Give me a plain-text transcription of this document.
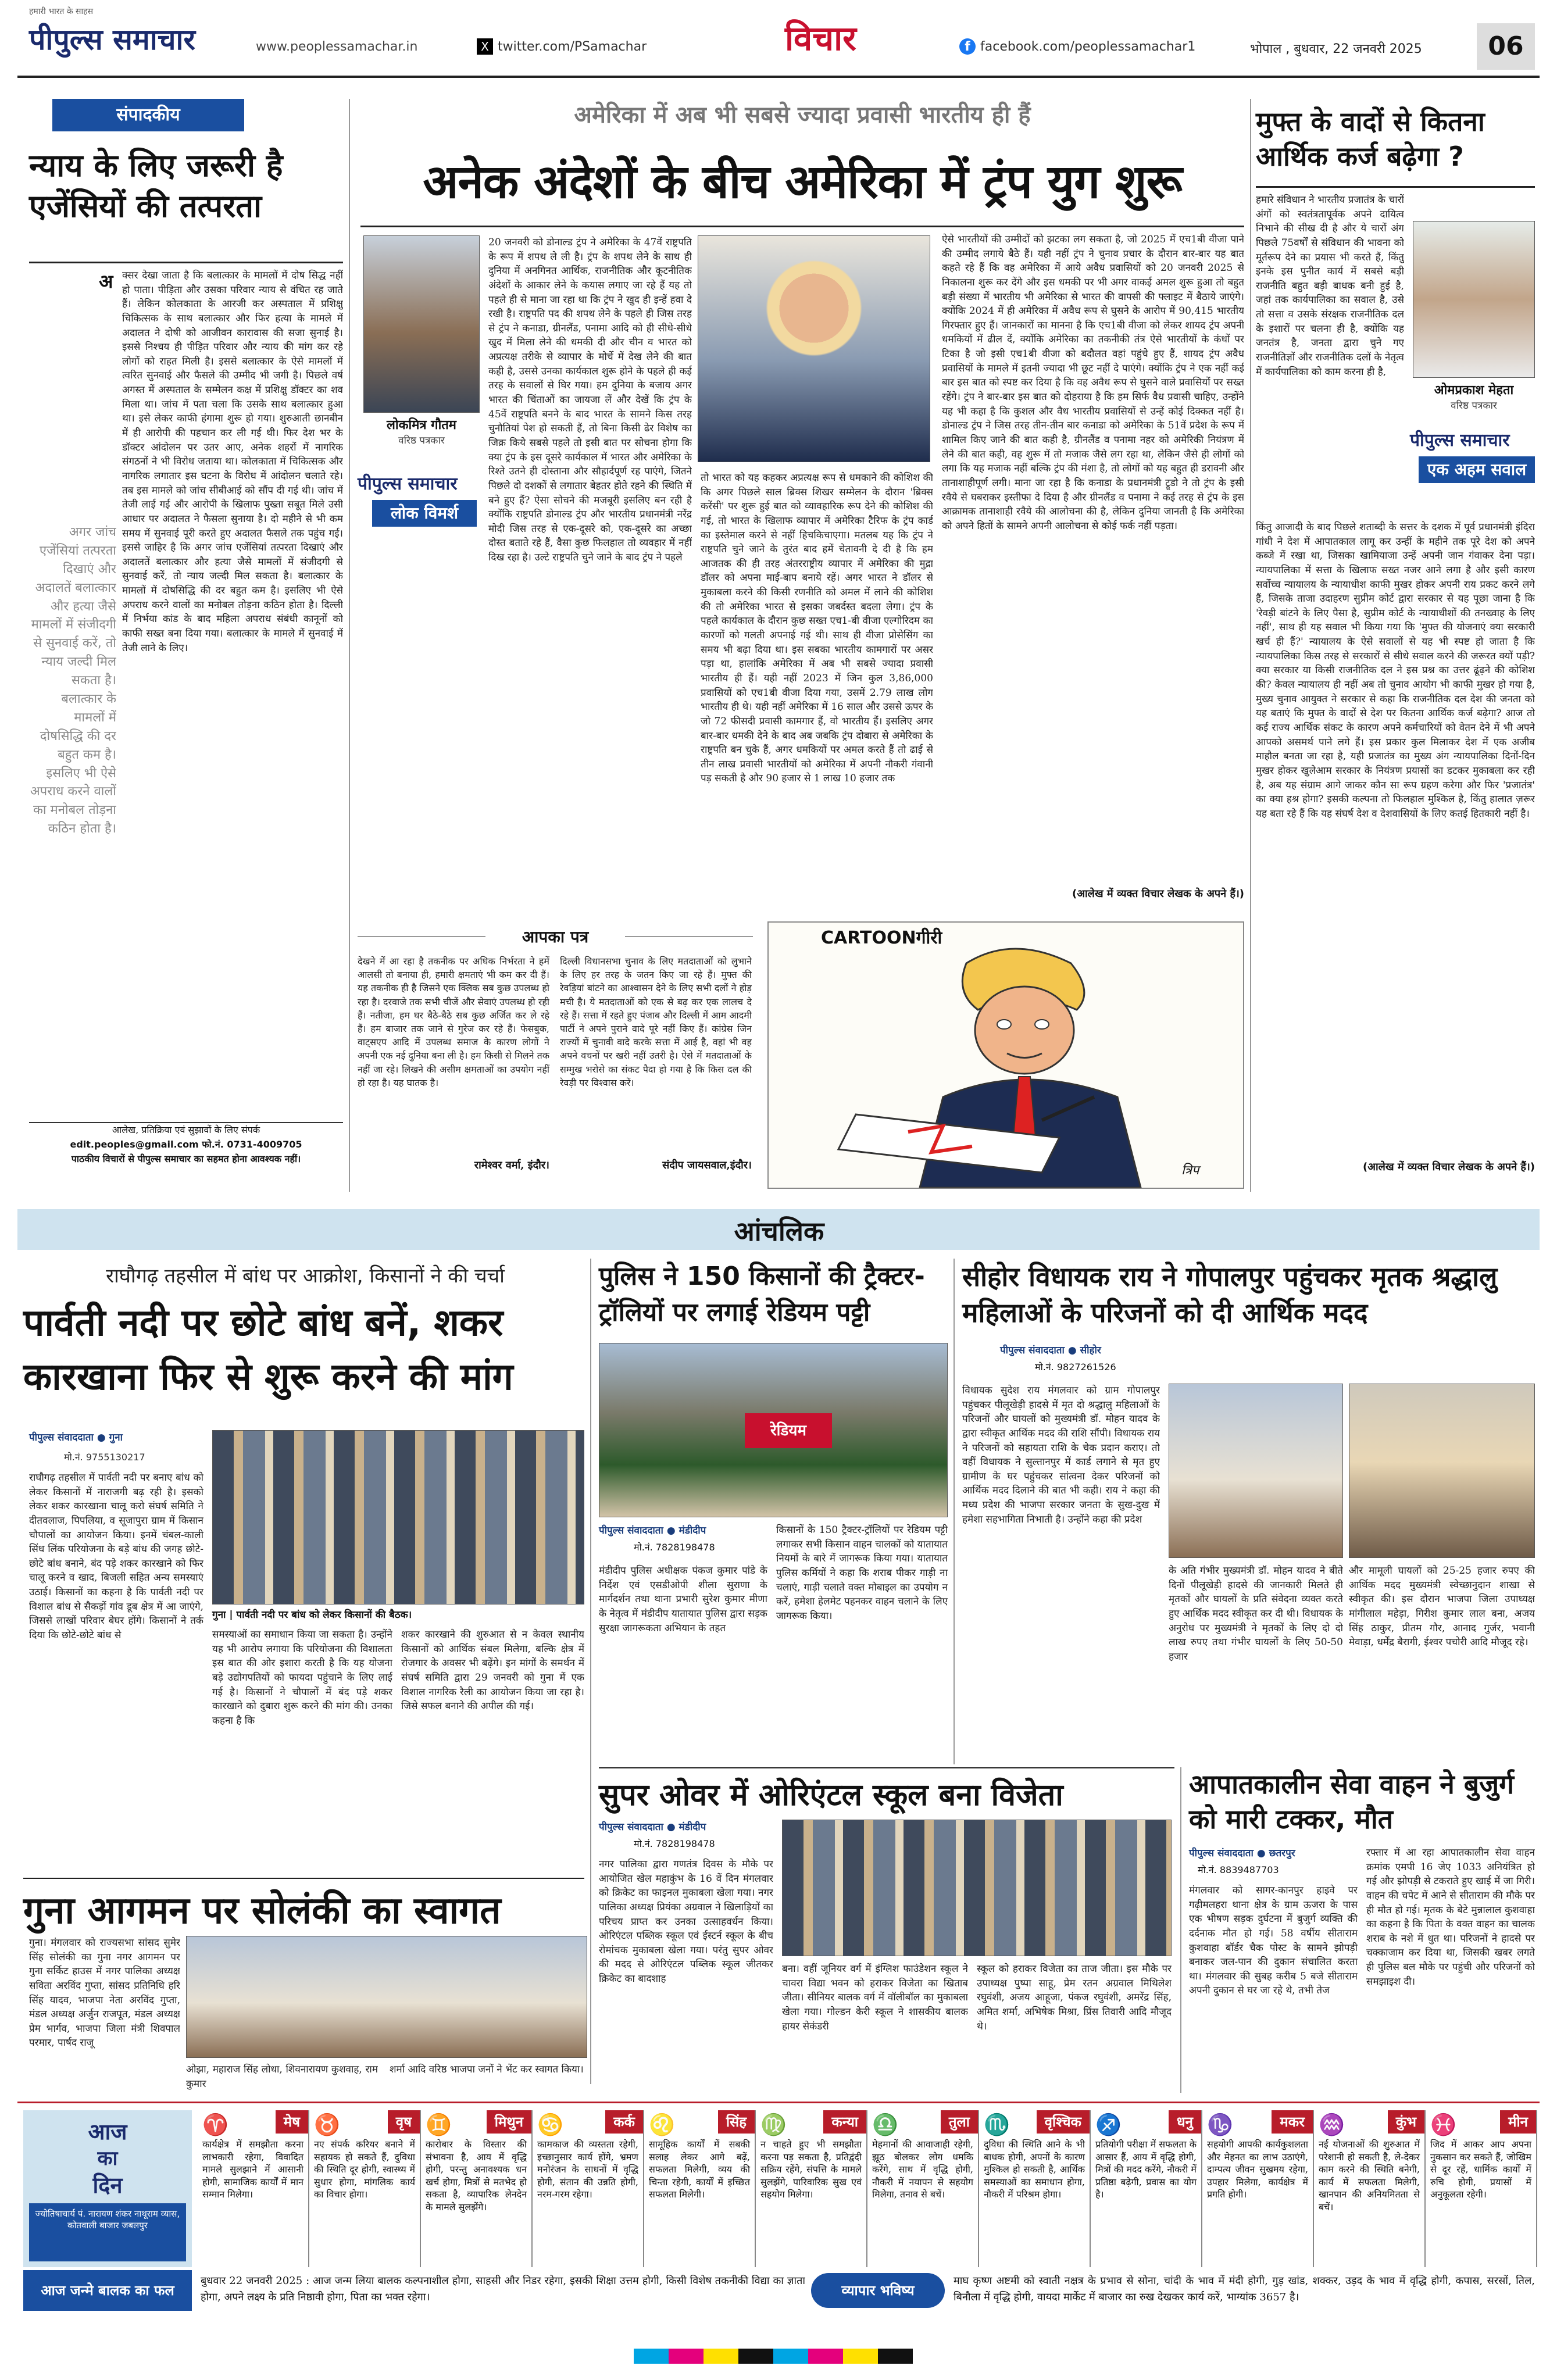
हमारी भारत के साहस
पीपुल्स समाचार	www.peoplessamachar.in	X twitter.com/PSamachar	विचार	f facebook.com/peoplessamachar1	भोपाल , बुधवार, 22 जनवरी 2025	06
संपादकीय
न्याय के लिए जरूरी है एजेंसियों की तत्परता
अ क्सर देखा जाता है कि बलात्कार के मामलों में दोष सिद्ध नहीं हो पाता। पीड़िता और उसका परिवार न्याय से वंचित रह जाते हैं। लेकिन कोलकाता के आरजी कर अस्पताल में प्रशिक्षु चिकित्सक के साथ बलात्कार और फिर हत्या के मामले में अदालत ने दोषी को आजीवन कारावास की सजा सुनाई है। इससे निश्चय ही पीड़ित परिवार और न्याय की मांग कर रहे लोगों को राहत मिली है। इससे बलात्कार के ऐसे मामलों में त्वरित सुनवाई और फैसले की उम्मीद भी जगी है। पिछले वर्ष अगस्त में अस्पताल के सम्मेलन कक्ष में प्रशिक्षु डॉक्टर का शव मिला था। जांच में पता चला कि उसके साथ बलात्कार हुआ था। इसे लेकर काफी हंगामा शुरू हो गया। शुरुआती छानबीन में ही आरोपी की पहचान कर ली गई थी। फिर देश भर के डॉक्टर आंदोलन पर उतर आए, अनेक शहरों में नागरिक संगठनों ने भी विरोध जताया था। कोलकाता में चिकित्सक और नागरिक लगातार इस घटना के विरोध में आंदोलन चलाते रहे। तब इस मामले को जांच सीबीआई को सौंप दी गई थी। जांच में तेजी लाई गई और आरोपी के खिलाफ पुख्ता सबूत मिले उसी आधार पर अदालत ने फैसला सुनाया है। दो महीने से भी कम समय में सुनवाई पूरी करते हुए अदालत फैसले तक पहुंच गई। इससे जाहिर है कि अगर जांच एजेंसियां तत्परता दिखाएं और अदालतें बलात्कार और हत्या जैसे मामलों में संजीदगी से सुनवाई करें, तो न्याय जल्दी मिल सकता है। बलात्कार के मामलों में दोषसिद्धि की दर बहुत कम है। इसलिए भी ऐसे अपराध करने वालों का मनोबल तोड़ना कठिन होता है। दिल्ली में निर्भया कांड के बाद महिला अपराध संबंधी कानूनों को काफी सख्त बना दिया गया। बलात्कार के मामले में सुनवाई में तेजी लाने के लिए।
अगर जांच एजेंसियां तत्परता दिखाएं और अदालतें बलात्कार और हत्या जैसे मामलों में संजीदगी से सुनवाई करें, तो न्याय जल्दी मिल सकता है। बलात्कार के मामलों में दोषसिद्धि की दर बहुत कम है। इसलिए भी ऐसे अपराध करने वालों का मनोबल तोड़ना कठिन होता है।
आलेख, प्रतिक्रिया एवं सुझावों के लिए संपर्क
edit.peoples@gmail.com फो.नं. 0731-4009705
पाठकीय विचारों से पीपुल्स समाचार का सहमत होना आवश्यक नहीं।
अमेरिका में अब भी सबसे ज्यादा प्रवासी भारतीय ही हैं
अनेक अंदेशों के बीच अमेरिका में ट्रंप युग शुरू
लोकमित्र गौतम
वरिष्ठ पत्रकार
पीपुल्स समाचार
लोक विमर्श
20 जनवरी को डोनाल्ड ट्रंप ने अमेरिका के 47वें राष्ट्रपति के रूप में शपथ ले ली है। ट्रंप के शपथ लेने के साथ ही दुनिया में अनगिनत आर्थिक, राजनीतिक और कूटनीतिक अंदेशों के आकार लेने के कयास लगाए जा रहे हैं यह तो पहले ही से माना जा रहा था कि ट्रंप ने खुद ही इन्हें हवा दे रखी है। राष्ट्रपति पद की शपथ लेने के पहले ही जिस तरह से ट्रंप ने कनाडा, ग्रीनलैंड, पनामा आदि को ही सीधे-सीधे खुद में मिला लेने की धमकी दी और चीन व भारत को अप्रत्यक्ष तरीके से व्यापार के मोर्चे में देख लेने की बात कही है, उससे उनका कार्यकाल शुरू होने के पहले ही कई तरह के सवालों से घिर गया। हम दुनिया के बजाय अगर भारत की चिंताओं का जायजा लें और देखें कि ट्रंप के 45वें राष्ट्रपति बनने के बाद भारत के सामने किस तरह चुनौतियां पेश हो सकती हैं, तो बिना किसी ढेर विशेष का जिक्र किये सबसे पहले तो इसी बात पर सोचना होगा कि क्या ट्रंप के इस दूसरे कार्यकाल में भारत और अमेरिका के रिश्ते उतने ही दोस्ताना और सौहार्दपूर्ण रह पाएंगे, जितने पिछले दो दशकों से लगातार बेहतर होते रहने की स्थिति में बने हुए हैं? ऐसा सोचने की मजबूरी इसलिए बन रही है क्योंकि राष्ट्रपति डोनाल्ड ट्रंप और भारतीय प्रधानमंत्री नरेंद्र मोदी जिस तरह से एक-दूसरे को, एक-दूसरे का अच्छा दोस्त बताते रहे हैं, वैसा कुछ फिलहाल तो व्यवहार में नहीं दिख रहा है। उल्टे राष्ट्रपति चुने जाने के बाद ट्रंप ने पहले
तो भारत को यह कहकर अप्रत्यक्ष रूप से धमकाने की कोशिश की कि अगर पिछले साल ब्रिक्स शिखर सम्मेलन के दौरान 'ब्रिक्स करेंसी' पर शुरू हुई बात को व्यावहारिक रूप देने की कोशिश की गई, तो भारत के खिलाफ व्यापार में अमेरिका टैरिफ के ट्रंप कार्ड का इस्तेमाल करने से नहीं हिचकिचाएगा। मतलब यह कि ट्रंप ने राष्ट्रपति चुने जाने के तुरंत बाद हमें चेतावनी दे दी है कि हम आजतक की ही तरह अंतरराष्ट्रीय व्यापार में अमेरिका की मुद्रा डॉलर को अपना माई-बाप बनाये रहें। अगर भारत ने डॉलर से मुकाबला करने की किसी रणनीति को अमल में लाने की कोशिश की तो अमेरिका भारत से इसका जबर्दस्त बदला लेगा। ट्रंप के पहले कार्यकाल के दौरान कुछ सख्त एच1-बी वीजा एल्गोरिदम का कारणों को गलती अपनाई गई थी। साथ ही वीजा प्रोसेसिंग का समय भी बढ़ा दिया था। इस सबका भारतीय कामगारों पर असर पड़ा था, हालांकि अमेरिका में अब भी सबसे ज्यादा प्रवासी भारतीय ही हैं। यही नहीं 2023 में जिन कुल 3,86,000 प्रवासियों को एच1बी वीजा दिया गया, उसमें 2.79 लाख लोग भारतीय ही थे। यही नहीं अमेरिका में 16 साल और उससे ऊपर के जो 72 फीसदी प्रवासी कामगार हैं, वो भारतीय हैं। इसलिए अगर बार-बार धमकी देने के बाद अब जबकि ट्रंप दोबारा से अमेरिका के राष्ट्रपति बन चुके हैं, अगर धमकियों पर अमल करते हैं तो ढाई से तीन लाख प्रवासी भारतीयों को अमेरिका में अपनी नौकरी गंवानी पड़ सकती है और 90 हजार से 1 लाख 10 हजार तक
ऐसे भारतीयों की उम्मीदों को झटका लग सकता है, जो 2025 में एच1बी वीजा पाने की उम्मीद लगाये बैठे हैं। यही नहीं ट्रंप ने चुनाव प्रचार के दौरान बार-बार यह बात कहते रहे हैं कि वह अमेरिका में आये अवैध प्रवासियों को 20 जनवरी 2025 से निकालना शुरू कर देंगे और इस धमकी पर भी अगर वाकई अमल शुरू हुआ तो बहुत बड़ी संख्या में भारतीय भी अमेरिका से भारत की वापसी की फ्लाइट में बैठाये जाएंगे। क्योंकि 2024 में ही अमेरिका में अवैध रूप से घुसने के आरोप में 90,415 भारतीय गिरफ्तार हुए हैं। जानकारों का मानना है कि एच1बी वीजा को लेकर शायद ट्रंप अपनी धमकियों में ढील दें, क्योंकि अमेरिका का तकनीकी तंत्र ऐसे भारतीयों के कंधों पर टिका है जो इसी एच1बी वीजा को बदौलत वहां पहुंचे हुए हैं, शायद ट्रंप अवैध प्रवासियों के मामले में इतनी ज्यादा भी छूट नहीं दे पाएंगे। क्योंकि ट्रंप ने एक नहीं कई बार इस बात को स्पष्ट कर दिया है कि वह अवैध रूप से घुसने वाले प्रवासियों पर सख्त रहेंगे। ट्रंप ने बार-बार इस बात को दोहराया है कि हम सिर्फ वैध प्रवासी चाहिए, उन्होंने यह भी कहा है कि कुशल और वैध भारतीय प्रवासियों से उन्हें कोई दिक्कत नहीं है। डोनाल्ड ट्रंप ने जिस तरह तीन-तीन बार कनाडा को अमेरिका के 51वें प्रदेश के रूप में शामिल किए जाने की बात कही है, ग्रीनलैंड व पनामा नहर को अमेरिकी नियंत्रण में लेने की बात कही, वह शुरू में तो मजाक जैसे लग रहा था, लेकिन जैसे ही लोगों को लगा कि यह मजाक नहीं बल्कि ट्रंप की मंशा है, तो लोगों को यह बहुत ही डरावनी और तानाशाहीपूर्ण लगी। माना जा रहा है कि कनाडा के प्रधानमंत्री ट्रूडो ने तो ट्रंप के इसी रवैये से घबराकर इस्तीफा दे दिया है और ग्रीनलैंड व पनामा ने कई तरह से ट्रंप के इस आक्रामक तानाशाही रवैये की आलोचना की है, लेकिन दुनिया जानती है कि अमेरिका को अपने हितों के सामने अपनी आलोचना से कोई फर्क नहीं पड़ता।
(आलेख में व्यक्त विचार लेखक के अपने हैं।)
आपका पत्र
देखने में आ रहा है तकनीक पर अधिक निर्भरता ने हमें आलसी तो बनाया ही, हमारी क्षमताएं भी कम कर दी हैं। यह तकनीक ही है जिसने एक क्लिक सब कुछ उपलब्ध हो रहा है। दरवाजे तक सभी चीजें और सेवाएं उपलब्ध हो रही हैं। नतीजा, हम घर बैठे-बैठे सब कुछ अर्जित कर ले रहे हैं। हम बाजार तक जाने से गुरेज कर रहे हैं। फेसबुक, वाट्सएप आदि में उपलब्ध समाज के कारण लोगों ने अपनी एक नई दुनिया बना ली है। हम किसी से मिलने तक नहीं जा रहे। लिखने की असीम क्षमताओं का उपयोग नहीं हो रहा है। यह घातक है।
रामेश्वर वर्मा, इंदौर।
दिल्ली विधानसभा चुनाव के लिए मतदाताओं को लुभाने के लिए हर तरह के जतन किए जा रहे हैं। मुफ्त की रेवड़ियां बांटने का आश्वासन देने के लिए सभी दलों ने होड़ मची है। ये मतदाताओं को एक से बढ़ कर एक लालच दे रहे हैं। सत्ता में रहते हुए पंजाब और दिल्ली में आम आदमी पार्टी ने अपने पुराने वादे पूरे नहीं किए हैं। कांग्रेस जिन राज्यों में चुनावी वादे करके सत्ता में आई है, वहां भी वह अपने वचनों पर खरी नहीं उतरी है। ऐसे में मतदाताओं के सम्मुख भरोसे का संकट पैदा हो गया है कि किस दल की रेवड़ी पर विश्वास करें।
संदीप जायसवाल,इंदौर।
CARTOONगीरी
त्रिप
मुफ्त के वादों से कितना आर्थिक कर्ज बढ़ेगा ?
हमारे संविधान ने भारतीय प्रजातंत्र के चारों अंगों को स्वतंत्रतापूर्वक अपने दायित्व निभाने की सीख दी है और ये चारों अंग पिछले 75वर्षों से संविधान की भावना को मूर्तरूप देने का प्रयास भी करते हैं, किंतु इनके इस पुनीत कार्य में सबसे बड़ी राजनीति बहुत बड़ी बाधक बनी हुई है, जहां तक कार्यपालिका का सवाल है, उसे तो सत्ता व उसके संरक्षक राजनीतिक दल के इशारों पर चलना ही है, क्योंकि यह जनतंत्र है, जनता द्वारा चुने गए राजनीतिज्ञों और राजनीतिक दलों के नेतृत्व में कार्यपालिका को काम करना ही है,
ओमप्रकाश मेहता
वरिष्ठ पत्रकार
पीपुल्स समाचार
एक अहम सवाल
किंतु आजादी के बाद पिछले शताब्दी के सत्तर के दशक में पूर्व प्रधानमंत्री इंदिरा गांधी ने देश में आपातकाल लागू कर उन्हीं के महीने तक पूरे देश को अपने कब्जे में रखा था, जिसका खामियाजा उन्हें अपनी जान गंवाकर देना पड़ा। न्यायपालिका में सत्ता के खिलाफ सख्त नजर आने लगा है और इसी कारण सर्वोच्च न्यायालय के न्यायाधीश काफी मुखर होकर अपनी राय प्रकट करने लगे हैं, जिसके ताजा उदाहरण सुप्रीम कोर्ट द्वारा सरकार से यह पूछा जाना है कि 'रेवड़ी बांटने के लिए पैसा है, सुप्रीम कोर्ट के न्यायाधीशों की तनख्वाह के लिए नहीं', साथ ही यह सवाल भी किया गया कि 'मुफ्त की योजनाएं क्या सरकारी खर्च ही हैं?' न्यायालय के ऐसे सवालों से यह भी स्पष्ट हो जाता है कि न्यायपालिका किस तरह से सरकारों से सीधे सवाल करने की जरूरत क्यों पड़ी? क्या सरकार या किसी राजनीतिक दल ने इस प्रश्न का उत्तर ढूंढ़ने की कोशिश की? केवल न्यायालय ही नहीं अब तो चुनाव आयोग भी काफी मुखर हो गया है, मुख्य चुनाव आयुक्त ने सरकार से कहा कि राजनीतिक दल देश की जनता को यह बताएं कि मुफ्त के वादों से देश पर कितना आर्थिक कर्ज बढ़ेगा? आज तो कई राज्य आर्थिक संकट के कारण अपने कर्मचारियों को वेतन देने में भी अपने आपको असमर्थ पाने लगे हैं। इस प्रकार कुल मिलाकर देश में एक अजीब माहौल बनता जा रहा है, यही प्रजातंत्र का मुख्य अंग न्यायपालिका दिनों-दिन मुखर होकर खुलेआम सरकार के नियंत्रण प्रयासों का डटकर मुकाबला कर रही है, अब यह संग्राम आगे जाकर कौन सा रूप ग्रहण करेगा और फिर 'प्रजातंत्र' का क्या हश्र होगा? इसकी कल्पना तो फिलहाल मुश्किल है, किंतु हालात ज़रूर यह बता रहे हैं कि यह संघर्ष देश व देशवासियों के लिए कतई हितकारी नहीं है।
(आलेख में व्यक्त विचार लेखक के अपने हैं।)
आंचलिक
राघौगढ़ तहसील में बांध पर आक्रोश, किसानों ने की चर्चा
पार्वती नदी पर छोटे बांध बनें, शकर कारखाना फिर से शुरू करने की मांग
पीपुल्स संवाददाता ● गुना
मो.नं. 9755130217
राघौगढ़ तहसील में पार्वती नदी पर बनाए बांध को लेकर किसानों में नाराजगी बढ़ रही है। इसको लेकर शकर कारखाना चालू करो संघर्ष समिति ने दीतवलाज, पिपलिया, व सूजापुरा ग्राम में किसान चौपालों का आयोजन किया। इनमें चंबल-काली सिंध लिंक परियोजना के बड़े बांध की जगह छोटे-छोटे बांध बनाने, बंद पड़े शकर कारखाने को फिर चालू करने व खाद, बिजली सहित अन्य समस्याएं उठाई। किसानों का कहना है कि पार्वती नदी पर विशाल बांध से सैकड़ों गांव डूब क्षेत्र में आ जाएंगे, जिससे लाखों परिवार बेघर होंगे। किसानों ने तर्क दिया कि छोटे-छोटे बांध से
गुना | पार्वती नदी पर बांध को लेकर किसानों की बैठक।
समस्याओं का समाधान किया जा सकता है। उन्होंने यह भी आरोप लगाया कि परियोजना की विशालता इस बात की ओर इशारा करती है कि यह योजना बड़े उद्योगपतियों को फायदा पहुंचाने के लिए लाई गई है। किसानों ने चौपालों में बंद पड़े शकर कारखाने को दुबारा शुरू करने की मांग की। उनका कहना है कि
शकर कारखाने की शुरुआत से न केवल स्थानीय किसानों को आर्थिक संबल मिलेगा, बल्कि क्षेत्र में रोजगार के अवसर भी बढ़ेंगे। इन मांगों के समर्थन में संघर्ष समिति द्वारा 29 जनवरी को गुना में एक विशाल नागरिक रैली का आयोजन किया जा रहा है। जिसे सफल बनाने की अपील की गई।
गुना आगमन पर सोलंकी का स्वागत
गुना। मंगलवार को राज्यसभा सांसद सुमेर सिंह सोलंकी का गुना नगर आगमन पर गुना सर्किट हाउस में नगर पालिका अध्यक्ष सविता अरविंद गुप्ता, सांसद प्रतिनिधि हरि सिंह यादव, भाजपा नेता अरविंद गुप्ता, मंडल अध्यक्ष अर्जुन राजपूत, मंडल अध्यक्ष प्रेम भार्गव, भाजपा जिला मंत्री शिवपाल परमार, पार्षद राजू
ओझा, महाराज सिंह लोधा, शिवनारायण कुशवाह, राम कुमार
शर्मा आदि वरिष्ठ भाजपा जनों ने भेंट कर स्वागत किया।
पुलिस ने 150 किसानों की ट्रैक्टर-ट्रॉलियों पर लगाई रेडियम पट्टी
रेडियम
पीपुल्स संवाददाता ● मंडीदीप
मो.नं. 7828198478
मंडीदीप पुलिस अधीक्षक पंकज कुमार पांडे के निर्देश एवं एसडीओपी शीला सुराणा के मार्गदर्शन तथा थाना प्रभारी सुरेश कुमार मीणा के नेतृत्व में मंडीदीप यातायात पुलिस द्वारा सड़क सुरक्षा जागरूकता अभियान के तहत
किसानों के 150 ट्रैक्टर-ट्रॉलियों पर रेडियम पट्टी लगाकर सभी किसान वाहन चालकों को यातायात नियमों के बारे में जागरूक किया गया। यातायात पुलिस कर्मियों ने कहा कि शराब पीकर गाड़ी ना चलाएं, गाड़ी चलाते वक्त मोबाइल का उपयोग न करें, हमेशा हेलमेट पहनकर वाहन चलाने के लिए जागरूक किया।
सुपर ओवर में ओरिएंटल स्कूल बना विजेता
पीपुल्स संवाददाता ● मंडीदीप
मो.नं. 7828198478
नगर पालिका द्वारा गणतंत्र दिवस के मौके पर आयोजित खेल महाकुंभ के 16 वें दिन मंगलवार को क्रिकेट का फाइनल मुकाबला खेला गया। नगर पालिका अध्यक्ष प्रियंका अग्रवाल ने खिलाड़ियों का परिचय प्राप्त कर उनका उत्साहवर्धन किया। ओरिएंटल पब्लिक स्कूल एवं ईस्टर्न स्कूल के बीच रोमांचक मुकाबला खेला गया। परंतु सुपर ओवर की मदद से ओरिएंटल पब्लिक स्कूल जीतकर क्रिकेट का बादशाह
बना। वहीं जूनियर वर्ग में इंग्लिश फाउंडेशन स्कूल ने चावरा विद्या भवन को हराकर विजेता का खिताब जीता। सीनियर बालक वर्ग में वॉलीबॉल का मुकाबला खेला गया। गोल्डन केरी स्कूल ने शासकीय बालक हायर सेकंडरी
स्कूल को हराकर विजेता का ताज जीता। इस मौके पर उपाध्यक्ष पुष्पा साहू, प्रेम रतन अग्रवाल मिथिलेश रघुवंशी, अजय आहूजा, पंकज रघुवंशी, अमरेंद्र सिंह, अमित शर्मा, अभिषेक मिश्रा, प्रिंस तिवारी आदि मौजूद थे।
सीहोर विधायक राय ने गोपालपुर पहुंचकर मृतक श्रद्धालु महिलाओं के परिजनों को दी आर्थिक मदद
पीपुल्स संवाददाता ● सीहोर
मो.नं. 9827261526
विधायक सुदेश राय मंगलवार को ग्राम गोपालपुर पहुंचकर पीलूखेड़ी हादसे में मृत दो श्रद्धालु महिलाओं के परिजनों और घायलों को मुख्यमंत्री डॉ. मोहन यादव के द्वारा स्वीकृत आर्थिक मदद की राशि सौंपी। विधायक राय ने परिजनों को सहायता राशि के चेक प्रदान कराए। तो वहीं विधायक ने सुल्तानपुर में कार्ड लगाने से मृत हुए ग्रामीण के घर पहुंचकर सांत्वना देकर परिजनों को आर्थिक मदद दिलाने की बात भी कही। राय ने कहा की मध्य प्रदेश की भाजपा सरकार जनता के सुख-दुख में हमेशा सहभागिता निभाती है। उन्होंने कहा की प्रदेश
के अति गंभीर मुख्यमंत्री डॉ. मोहन यादव ने बीते दिनों पीलूखेड़ी हादसे की जानकारी मिलते ही मृतकों और घायलों के प्रति संवेदना व्यक्त करते हुए आर्थिक मदद स्वीकृत कर दी थी। विधायक के अनुरोध पर मुख्यमंत्री ने मृतकों के लिए दो दो लाख रुपए तथा गंभीर घायलों के लिए 50-50 हजार
और मामूली घायलों को 25-25 हजार रुपए की आर्थिक मदद मुख्यमंत्री स्वेच्छानुदान शाखा से स्वीकृत की। इस दौरान भाजपा जिला उपाध्यक्ष मांगीलाल महेड़ा, गिरीश कुमार लाल बना, अजय सिंह ठाकुर, प्रीतम गौर, आनाद गुर्जर, भवानी मेवाड़ा, धर्मेंद्र बैरागी, ईश्वर पचोरी आदि मौजूद रहे।
आपातकालीन सेवा वाहन ने बुजुर्ग को मारी टक्कर, मौत
पीपुल्स संवाददाता ● छतरपुर
मो.नं. 8839487703
मंगलवार को सागर-कानपुर हाइवे पर गढ़ीमलहरा थाना क्षेत्र के ग्राम ऊजरा के पास एक भीषण सड़क दुर्घटना में बुजुर्ग व्यक्ति की दर्दनाक मौत हो गई। 58 वर्षीय सीताराम कुशवाहा बॉर्डर चैक पोस्ट के सामने झोपड़ी बनाकर जल-पान की दुकान संचालित करता था। मंगलवार की सुबह करीब 5 बजे सीताराम अपनी दुकान से घर जा रहे थे, तभी तेज
रफ्तार में आ रहा आपातकालीन सेवा वाहन क्रमांक एमपी 16 जेए 1033 अनियंत्रित हो गई और झोपड़ी से टकराते हुए खाई में जा गिरी। वाहन की चपेट में आने से सीताराम की मौके पर ही मौत हो गई। मृतक के बेटे मुन्नालाल कुशवाहा का कहना है कि पिता के वक्त वाहन का चालक शराब के नशे में धुत था। परिजनों ने हादसे पर चक्काजाम कर दिया था, जिसकी खबर लगते ही पुलिस बल मौके पर पहुंची और परिजनों को समझाइश दी।
आज
का
दिन
ज्योतिषाचार्य पं. नारायण शंकर नाथूराम व्यास, कोतवाली बाजार जबलपुर
♈	मेष
कार्यक्षेत्र में समझौता करना लाभकारी रहेगा, विवादित मामले सुलझाने में आसानी होगी, सामाजिक कार्यों में मान सम्मान मिलेगा।
♉	वृष
नए संपर्क करियर बनाने में सहायक हो सकते हैं, दुविधा की स्थिति दूर होगी, स्वास्थ्य में सुधार होगा, मांगलिक कार्य का विचार होगा।
♊	मिथुन
कारोबार के विस्तार की संभावना है, आय में वृद्धि होगी, परन्तु अनावश्यक धन खर्च होगा, मित्रों से मतभेद हो सकता है, व्यापारिक लेनदेन के मामले सुलझेंगे।
♋	कर्क
कामकाज की व्यस्तता रहेगी, इच्छानुसार कार्य होंगे, भ्रमण मनोरंजन के साधनों में वृद्धि होगी, संतान की उन्नति होगी, नरम-गरम रहेगा।
♌	सिंह
सामूहिक कार्यों में सबकी सलाह लेकर आगे बढ़ें, सफलता मिलेगी, व्यय की चिन्ता रहेगी, कार्यों में इच्छित सफलता मिलेगी।
♍	कन्या
न चाहते हुए भी समझौता करना पड़ सकता है, प्रतिद्वंदी सक्रिय रहेंगे, संपत्ति के मामले सुलझेंगे, पारिवारिक सुख एवं सहयोग मिलेगा।
♎	तुला
मेहमानों की आवाजाही रहेगी, झूठ बोलकर लोग धमकि करेंगे, साथ में वृद्धि होगी, नौकरी में नयापन से सहयोग मिलेगा, तनाव से बचें।
♏	वृश्चिक
दुविधा की स्थिति आने के भी बाधक होगी, अपनों के कारण मुश्किल हो सकती है, आर्थिक समस्याओं का समाधान होगा, नौकरी में परिश्रम होगा।
♐	धनु
प्रतियोगी परीक्षा में सफलता के आसार हैं, आय में वृद्धि होगी, मित्रों की मदद करेंगे, नौकरी में प्रतिष्ठा बढ़ेगी, प्रवास का योग है।
♑	मकर
सहयोगी आपकी कार्यकुशलता और मेहनत का लाभ उठाएंगे, दाम्पत्य जीवन सुखमय रहेगा, उपहार मिलेगा, कार्यक्षेत्र में प्रगति होगी।
♒	कुंभ
नई योजनाओं की शुरुआत में परेशानी हो सकती है, ले-देकर काम करने की स्थिति बनेगी, कार्य में सफलता मिलेगी, खानपान की अनियमितता से बचें।
♓	मीन
जिद में आकर आप अपना नुकसान कर सकते हैं, जोखिम से दूर रहें, धार्मिक कार्यों में रुचि होगी, प्रयासों में अनुकूलता रहेगी।
आज जन्मे बालक का फल
बुधवार 22 जनवरी 2025 : आज जन्म लिया बालक कल्पनाशील होगा, साहसी और निडर रहेगा, इसकी शिक्षा उत्तम होगी, किसी विशेष तकनीकी विद्या का ज्ञाता होगा, अपने लक्ष्य के प्रति निष्ठावी होगा, पिता का भक्त रहेगा।	व्यापार भविष्य
माघ कृष्ण अष्टमी को स्वाती नक्षत्र के प्रभाव से सोना, चांदी के भाव में मंदी होगी, गुड़ खांड, शक्कर, उड़द के भाव में वृद्धि होगी, कपास, सरसों, तिल, बिनौला में वृद्धि होगी, वायदा मार्केट में बाजार का रुख देखकर कार्य करें, भाग्यांक 3657 है।
